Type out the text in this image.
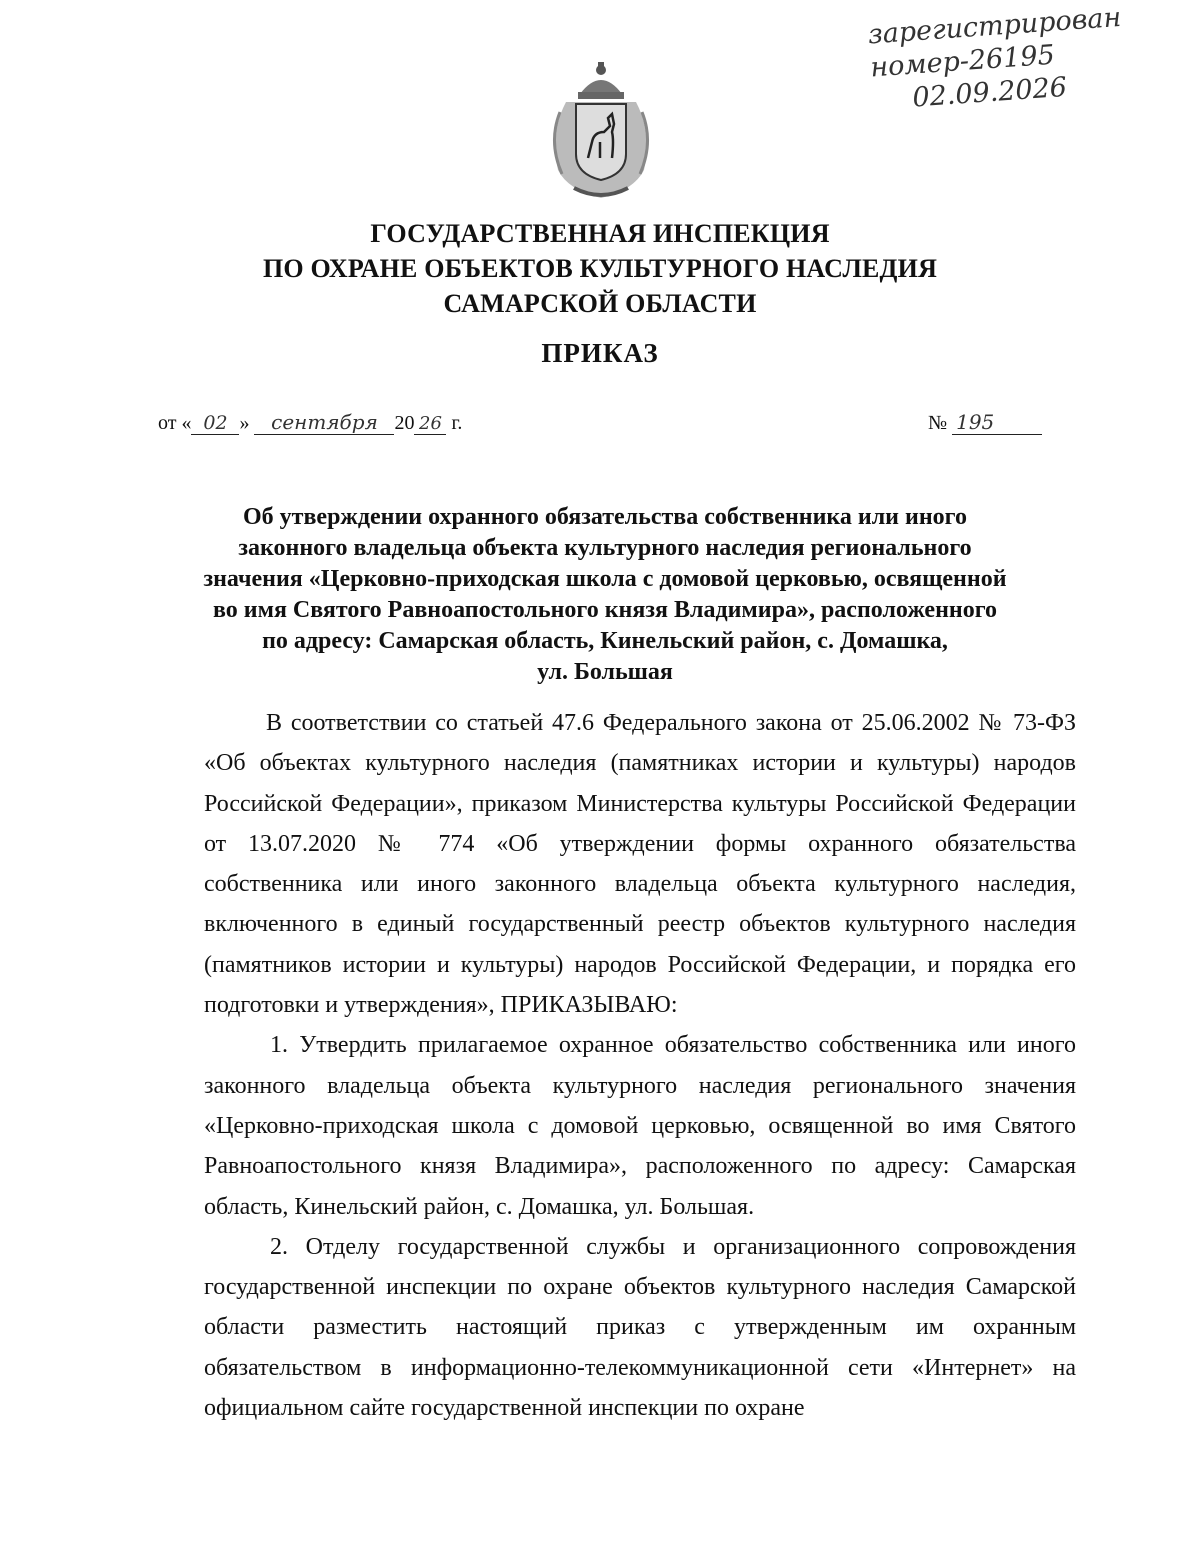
зарегистрирован
номер-26195
02.09.2026
ГОСУДАРСТВЕННАЯ ИНСПЕКЦИЯ
ПО ОХРАНЕ ОБЪЕКТОВ КУЛЬТУРНОГО НАСЛЕДИЯ
САМАРСКОЙ ОБЛАСТИ
ПРИКАЗ
от « 02 » сентября 20 26 г.	№ 195
Об утверждении охранного обязательства собственника или иного
законного владельца объекта культурного наследия регионального
значения «Церковно-приходская школа с домовой церковью, освященной
во имя Святого Равноапостольного князя Владимира», расположенного
по адресу: Самарская область, Кинельский район, с. Домашка,
ул. Большая

В соответствии со статьей 47.6 Федерального закона от 25.06.2002 № 73-ФЗ «Об объектах культурного наследия (памятниках истории и культуры) народов Российской Федерации», приказом Министерства культуры Российской Федерации от 13.07.2020 № 774 «Об утверждении формы охранного обязательства собственника или иного законного владельца объекта культурного наследия, включенного в единый государственный реестр объектов культурного наследия (памятников истории и культуры) народов Российской Федерации, и порядка его подготовки и утверждения», ПРИКАЗЫВАЮ:

1. Утвердить прилагаемое охранное обязательство собственника или иного законного владельца объекта культурного наследия регионального значения «Церковно-приходская школа с домовой церковью, освященной во имя Святого Равноапостольного князя Владимира», расположенного по адресу: Самарская область, Кинельский район, с. Домашка, ул. Большая.

2. Отделу государственной службы и организационного сопровождения государственной инспекции по охране объектов культурного наследия Самарской области разместить настоящий приказ с утвержденным им охранным обязательством в информационно-телекоммуникационной сети «Интернет» на официальном сайте государственной инспекции по охране
